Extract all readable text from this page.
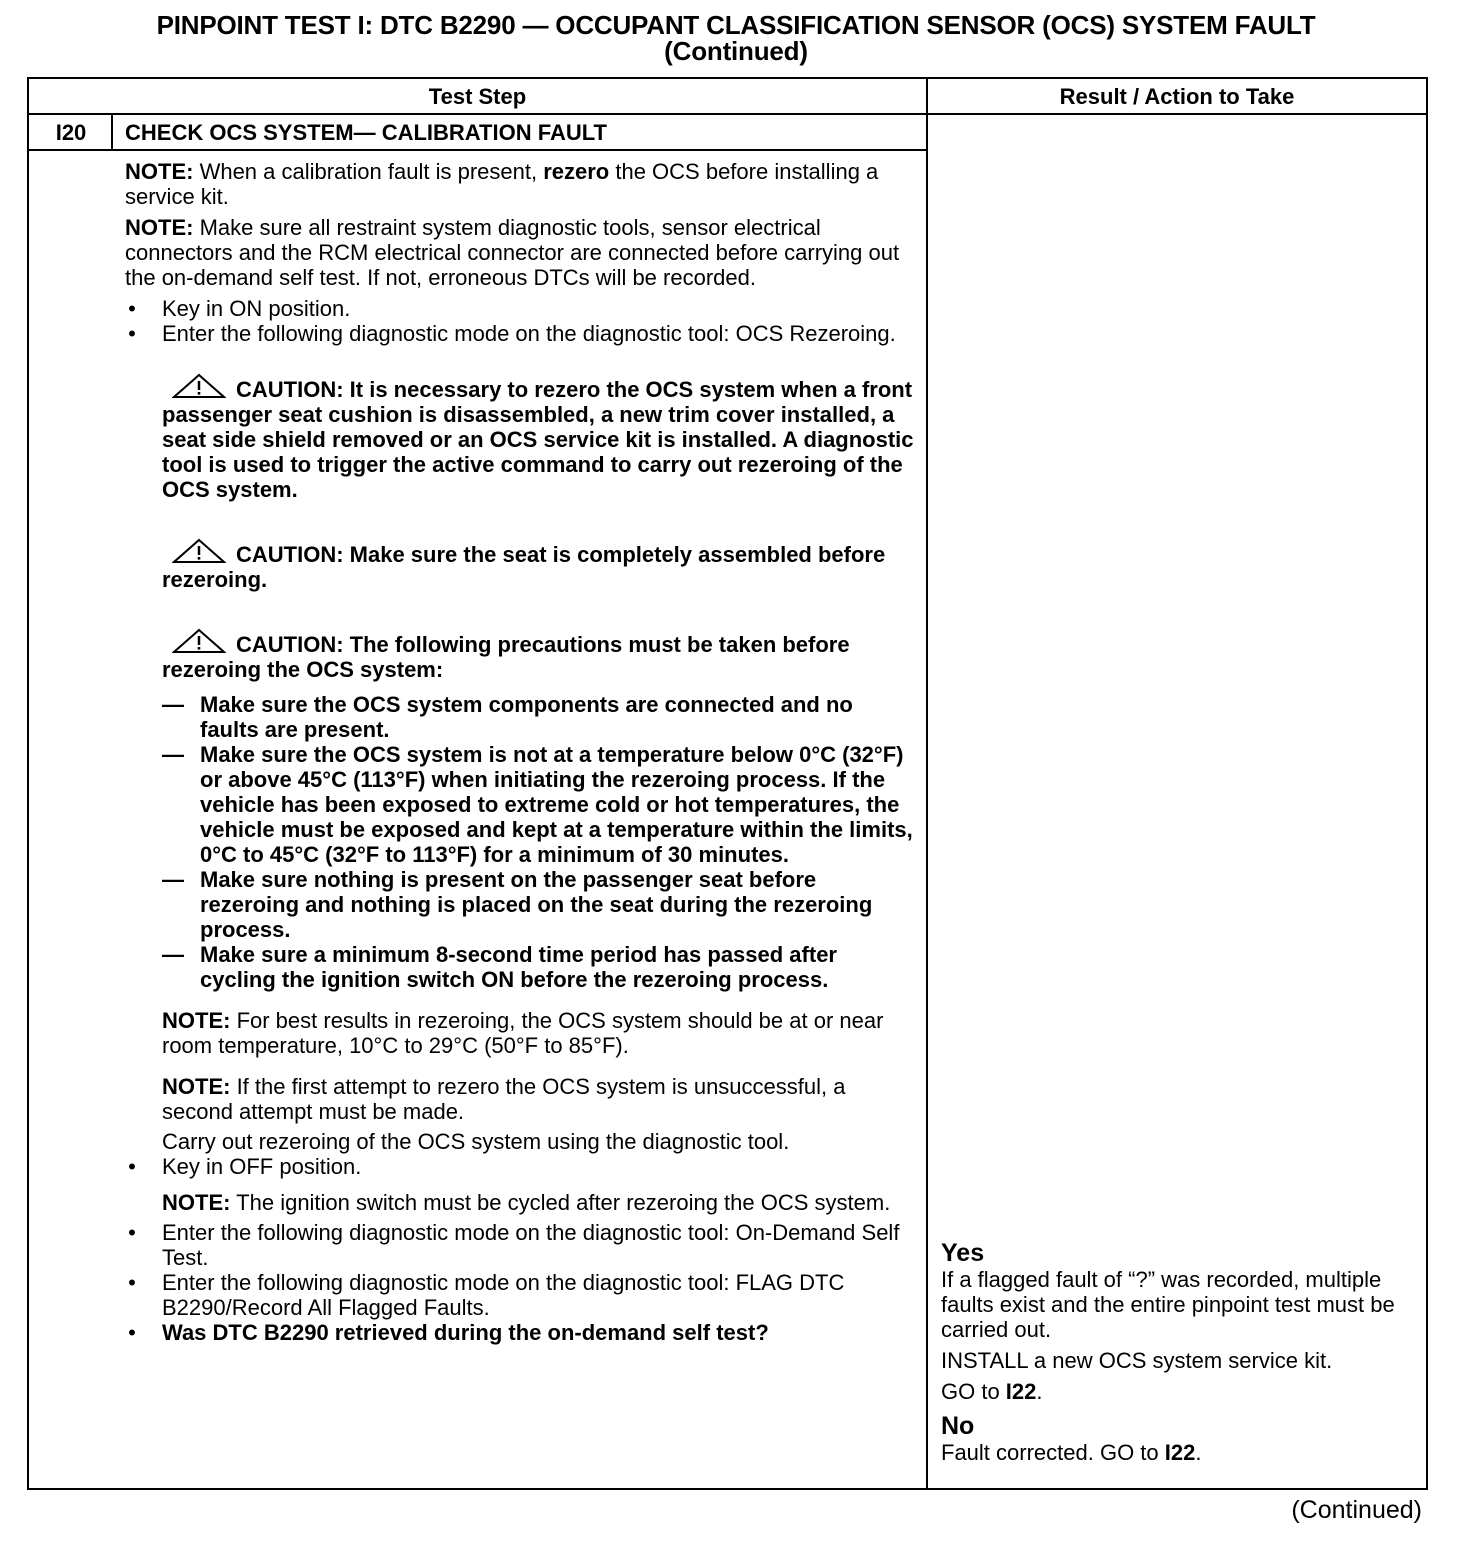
PINPOINT TEST I: DTC B2290 — OCCUPANT CLASSIFICATION SENSOR (OCS) SYSTEM FAULT
(Continued)
Test Step	Result / Action to Take
I20	CHECK OCS SYSTEM— CALIBRATION FAULT

NOTE: When a calibration fault is present, rezero the OCS before installing a service kit.

NOTE: Make sure all restraint system diagnostic tools, sensor electrical connectors and the RCM electrical connector are connected before carrying out the on-demand self test. If not, erroneous DTCs will be recorded.

• Key in ON position.
• Enter the following diagnostic mode on the diagnostic tool: OCS Rezeroing.

CAUTION: It is necessary to rezero the OCS system when a front passenger seat cushion is disassembled, a new trim cover installed, a seat side shield removed or an OCS service kit is installed. A diagnostic tool is used to trigger the active command to carry out rezeroing of the OCS system.

CAUTION: Make sure the seat is completely assembled before rezeroing.

CAUTION: The following precautions must be taken before rezeroing the OCS system:

— Make sure the OCS system components are connected and no faults are present.
— Make sure the OCS system is not at a temperature below 0°C (32°F) or above 45°C (113°F) when initiating the rezeroing process. If the vehicle has been exposed to extreme cold or hot temperatures, the vehicle must be exposed and kept at a temperature within the limits, 0°C to 45°C (32°F to 113°F) for a minimum of 30 minutes.
— Make sure nothing is present on the passenger seat before rezeroing and nothing is placed on the seat during the rezeroing process.
— Make sure a minimum 8-second time period has passed after cycling the ignition switch ON before the rezeroing process.

NOTE: For best results in rezeroing, the OCS system should be at or near room temperature, 10°C to 29°C (50°F to 85°F).

NOTE: If the first attempt to rezero the OCS system is unsuccessful, a second attempt must be made.

Carry out rezeroing of the OCS system using the diagnostic tool.

• Key in OFF position.

NOTE: The ignition switch must be cycled after rezeroing the OCS system.

• Enter the following diagnostic mode on the diagnostic tool: On-Demand Self Test.
• Enter the following diagnostic mode on the diagnostic tool: FLAG DTC B2290/Record All Flagged Faults.
• Was DTC B2290 retrieved during the on-demand self test?

Yes

If a flagged fault of “?” was recorded, multiple faults exist and the entire pinpoint test must be carried out.

INSTALL a new OCS system service kit.

GO to I22.

No

Fault corrected. GO to I22.

(Continued)
